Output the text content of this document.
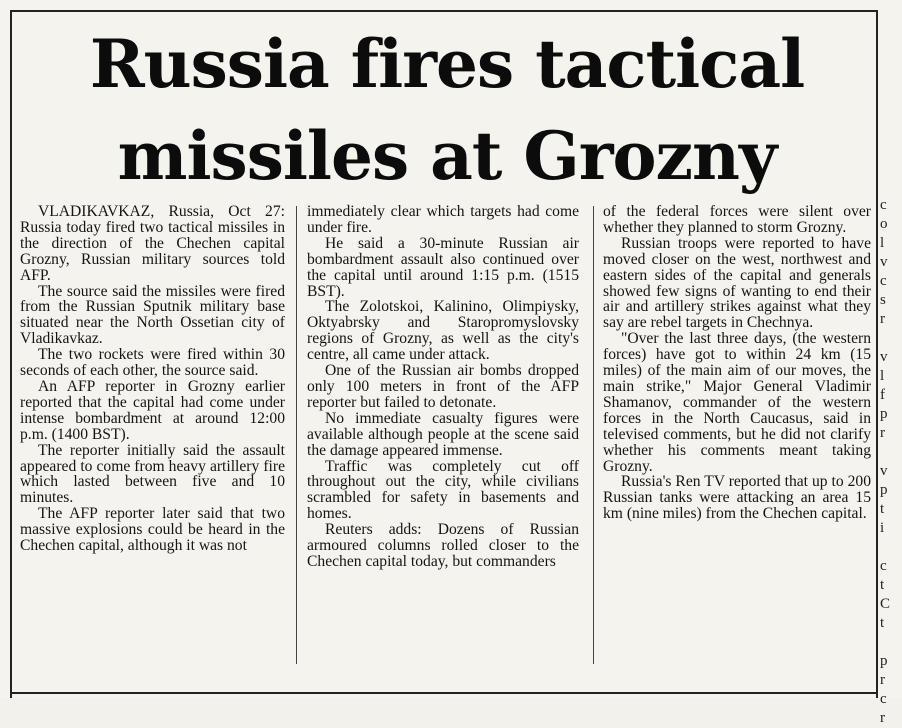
Russia fires tactical missiles at Grozny

VLADIKAVKAZ, Russia, Oct 27: Russia today fired two tactical missiles in the direction of the Chechen capital Grozny, Russian military sources told AFP.

The source said the missiles were fired from the Russian Sputnik military base situated near the North Ossetian city of Vladikavkaz.

The two rockets were fired within 30 seconds of each other, the source said.

An AFP reporter in Grozny earlier reported that the capital had come under intense bombardment at around 12:00 p.m. (1400 BST).

The reporter initially said the assault appeared to come from heavy artillery fire which lasted between five and 10 minutes.

The AFP reporter later said that two massive explosions could be heard in the Chechen capital, although it was not

immediately clear which targets had come under fire.

He said a 30-minute Russian air bombardment assault also continued over the capital until around 1:15 p.m. (1515 BST).

The Zolotskoi, Kalinino, Olimpiysky, Oktyabrsky and Staropromyslovsky regions of Grozny, as well as the city's centre, all came under attack.

One of the Russian air bombs dropped only 100 meters in front of the AFP reporter but failed to detonate.

No immediate casualty figures were available although people at the scene said the damage appeared immense.

Traffic was completely cut off throughout out the city, while civilians scrambled for safety in basements and homes.

Reuters adds: Dozens of Russian armoured columns rolled closer to the Chechen capital today, but commanders

of the federal forces were silent over whether they planned to storm Grozny.

Russian troops were reported to have moved closer on the west, northwest and eastern sides of the capital and generals showed few signs of wanting to end their air and artillery strikes against what they say are rebel targets in Chechnya.

"Over the last three days, (the western forces) have got to within 24 km (15 miles) of the main aim of our moves, the main strike," Major General Vladimir Shamanov, commander of the western forces in the North Caucasus, said in televised comments, but he did not clarify whether his comments meant taking Grozny.

Russia's Ren TV reported that up to 200 Russian tanks were attacking an area 15 km (nine miles) from the Chechen capital.

c
o
l
v
c
s
r

v
l
f
p
r

v
p
t
i

c
t
C
t

p
r
c
r
